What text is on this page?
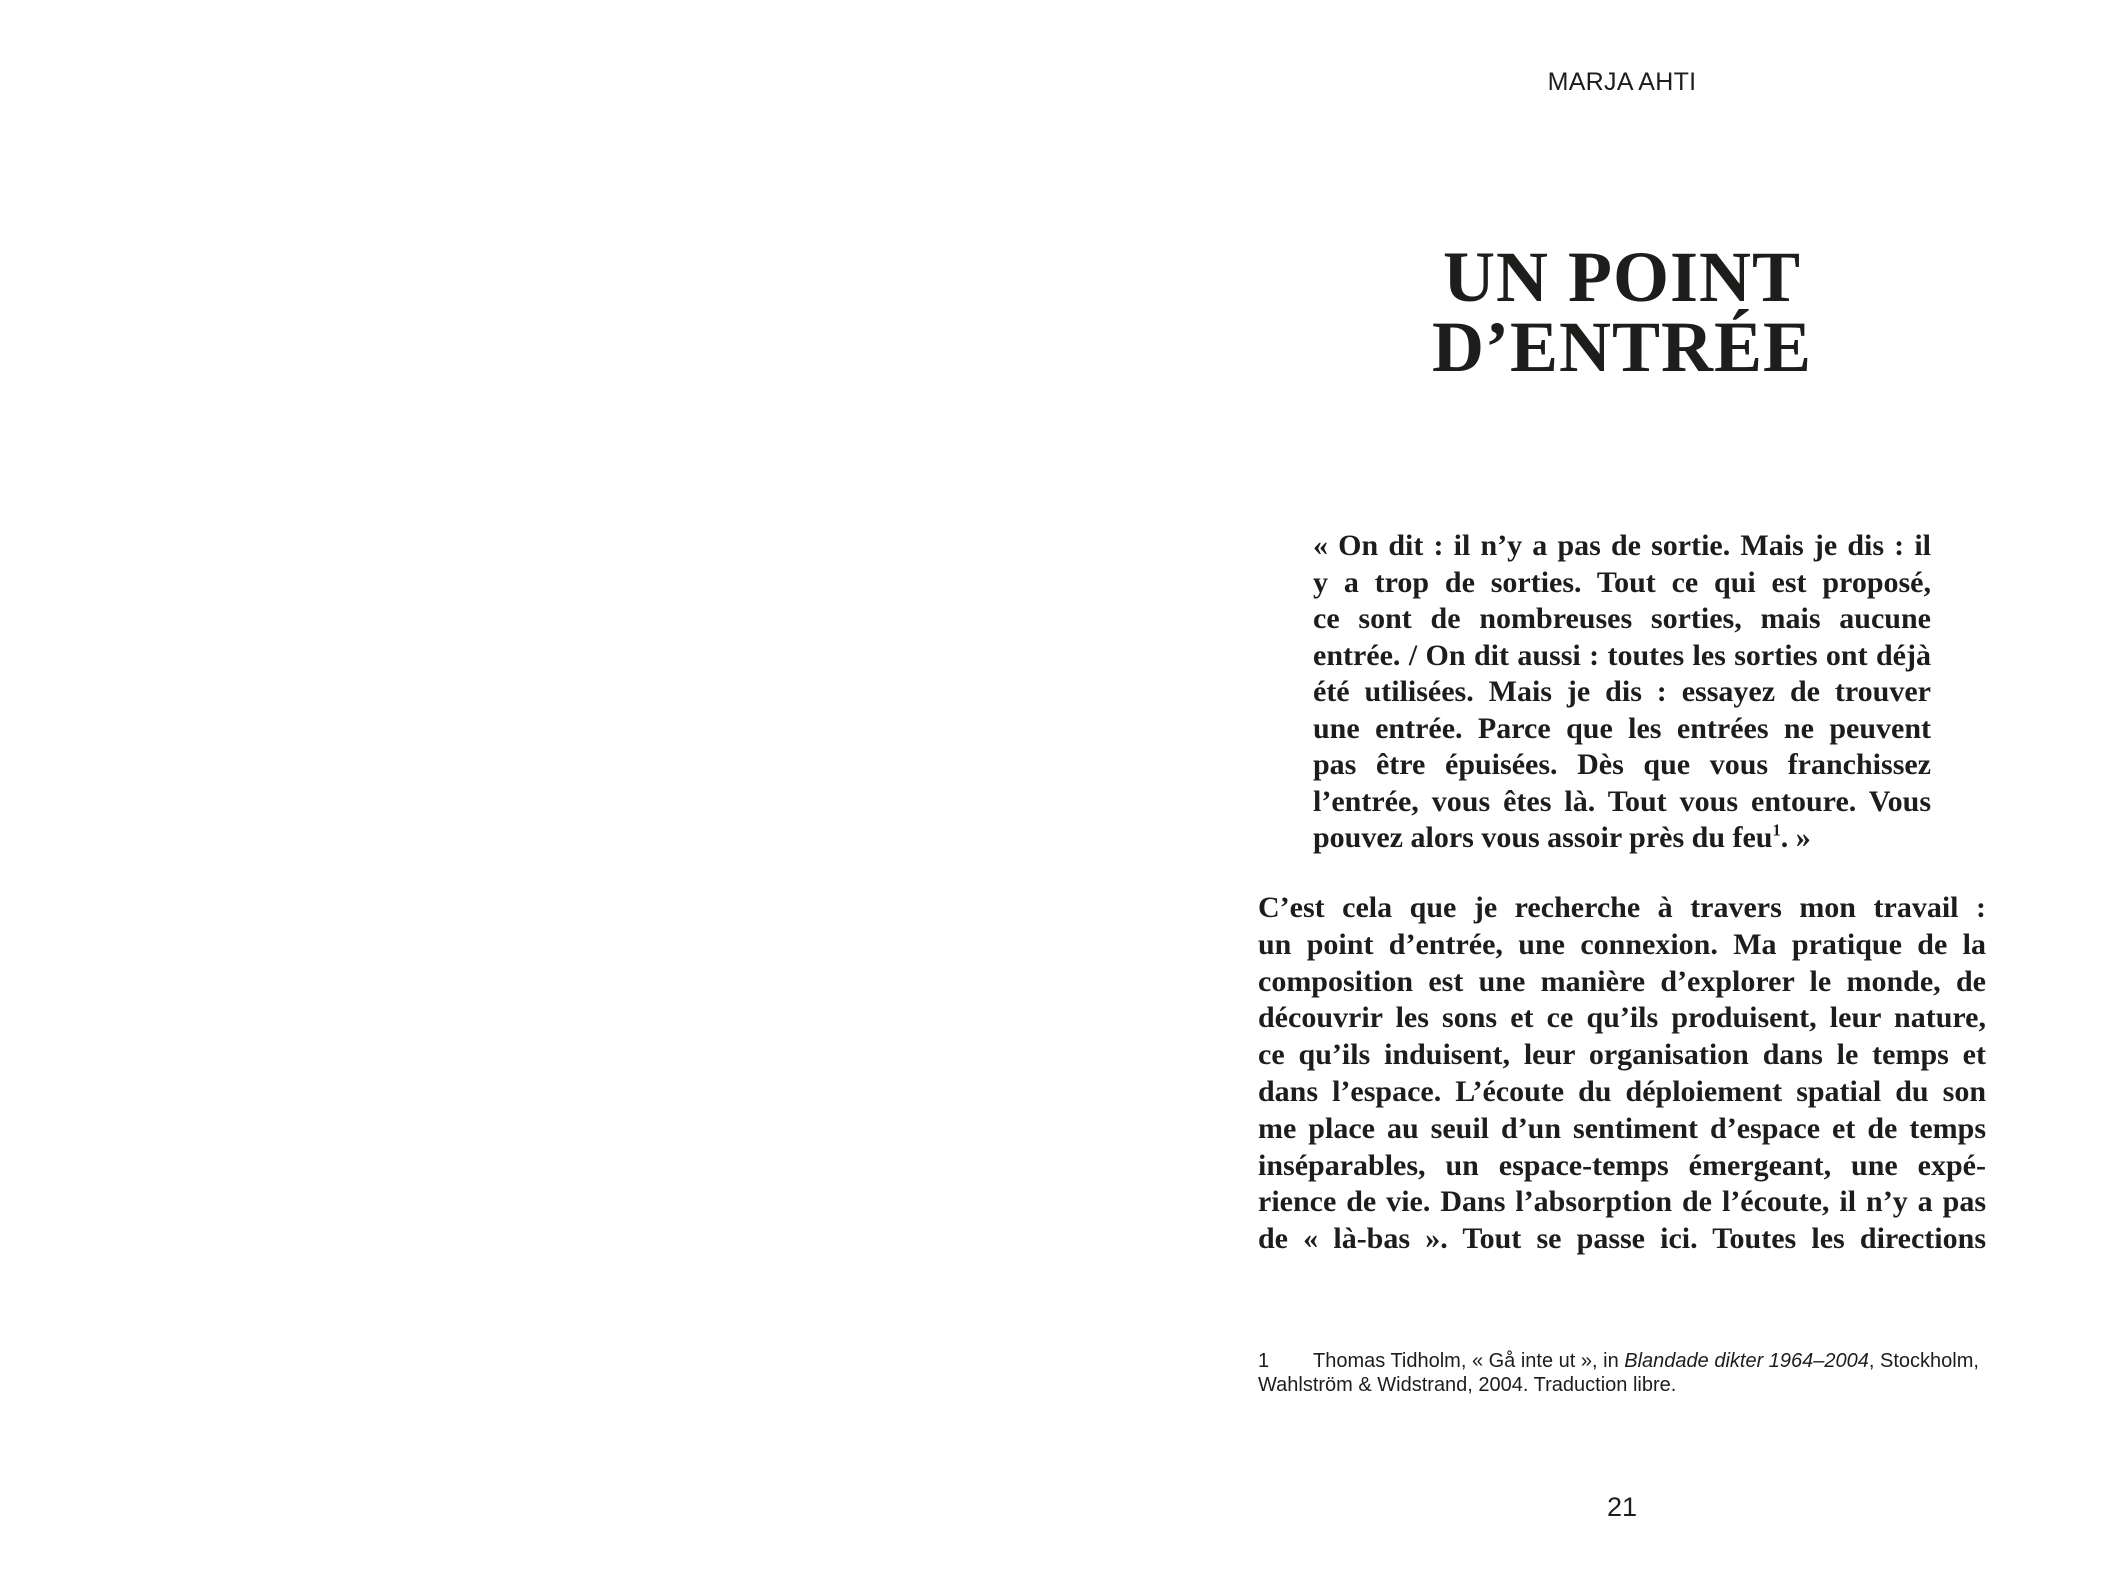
MARJA AHTI
UN POINT
D’ENTRÉE
« On dit : il n’y a pas de sortie. Mais je dis : il
y a trop de sorties. Tout ce qui est proposé,
ce sont de nombreuses sorties, mais aucune
entrée. / On dit aussi : toutes les sorties ont déjà
été utilisées. Mais je dis : essayez de trouver
une entrée. Parce que les entrées ne peuvent
pas être épuisées. Dès que vous franchissez
l’entrée, vous êtes là. Tout vous entoure. Vous
pouvez alors vous assoir près du feu$^1$. »
C’est cela que je recherche à travers mon travail :
un point d’entrée, une connexion. Ma pratique de la
composition est une manière d’explorer le monde, de
découvrir les sons et ce qu’ils produisent, leur nature,
ce qu’ils induisent, leur organisation dans le temps et
dans l’espace. L’écoute du déploiement spatial du son
me place au seuil d’un sentiment d’espace et de temps
inséparables, un espace-temps émergeant, une expé-
rience de vie. Dans l’absorption de l’écoute, il n’y a pas
de « là-bas ». Tout se passe ici. Toutes les directions
1 Thomas Tidholm, « Gå inte ut », in Blandade dikter 1964–2004, Stockholm,
Wahlström & Widstrand, 2004. Traduction libre.
21
